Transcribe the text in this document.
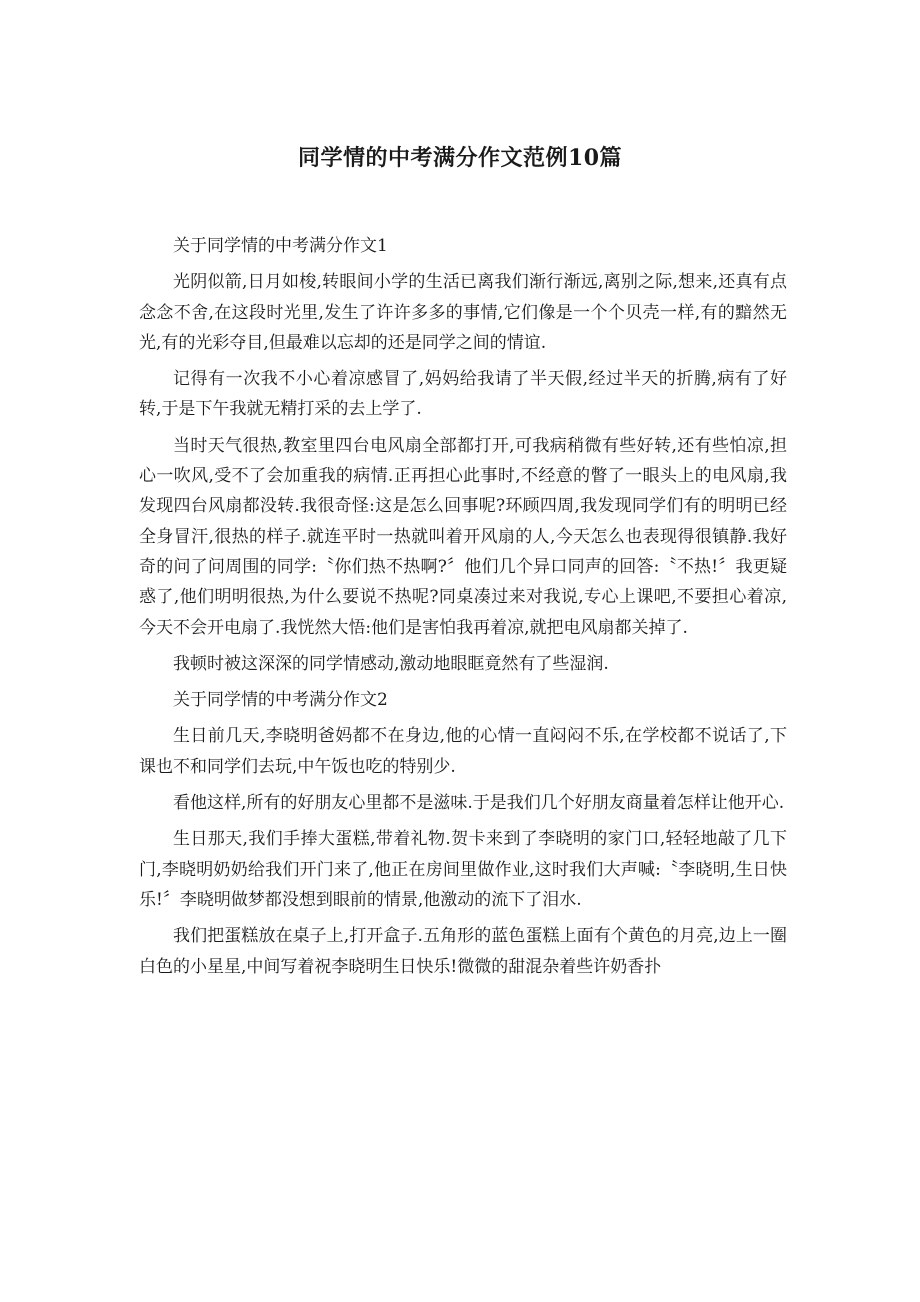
同学情的中考满分作文范例10篇
关于同学情的中考满分作文1

光阴似箭,日月如梭,转眼间小学的生活已离我们渐行渐远,离别之际,想来,还真有点念念不舍,在这段时光里,发生了许许多多的事情,它们像是一个个贝壳一样,有的黯然无光,有的光彩夺目,但最难以忘却的还是同学之间的情谊.

记得有一次我不小心着凉感冒了,妈妈给我请了半天假,经过半天的折腾,病有了好转,于是下午我就无精打采的去上学了.

当时天气很热,教室里四台电风扇全部都打开,可我病稍微有些好转,还有些怕凉,担心一吹风,受不了会加重我的病情.正再担心此事时,不经意的瞥了一眼头上的电风扇,我发现四台风扇都没转.我很奇怪:这是怎么回事呢?环顾四周,我发现同学们有的明明已经全身冒汗,很热的样子.就连平时一热就叫着开风扇的人,今天怎么也表现得很镇静.我好奇的问了问周围的同学:〝你们热不热啊?〞他们几个异口同声的回答:〝不热!〞我更疑惑了,他们明明很热,为什么要说不热呢?同桌凑过来对我说,专心上课吧,不要担心着凉,今天不会开电扇了.我恍然大悟:他们是害怕我再着凉,就把电风扇都关掉了.

我顿时被这深深的同学情感动,激动地眼眶竟然有了些湿润.

关于同学情的中考满分作文2

生日前几天,李晓明爸妈都不在身边,他的心情一直闷闷不乐,在学校都不说话了,下课也不和同学们去玩,中午饭也吃的特别少.

看他这样,所有的好朋友心里都不是滋味.于是我们几个好朋友商量着怎样让他开心.

生日那天,我们手捧大蛋糕,带着礼物.贺卡来到了李晓明的家门口,轻轻地敲了几下门,李晓明奶奶给我们开门来了,他正在房间里做作业,这时我们大声喊:〝李晓明,生日快乐!〞李晓明做梦都没想到眼前的情景,他激动的流下了泪水.

我们把蛋糕放在桌子上,打开盒子.五角形的蓝色蛋糕上面有个黄色的月亮,边上一圈白色的小星星,中间写着祝李晓明生日快乐!微微的甜混杂着些许奶香扑
